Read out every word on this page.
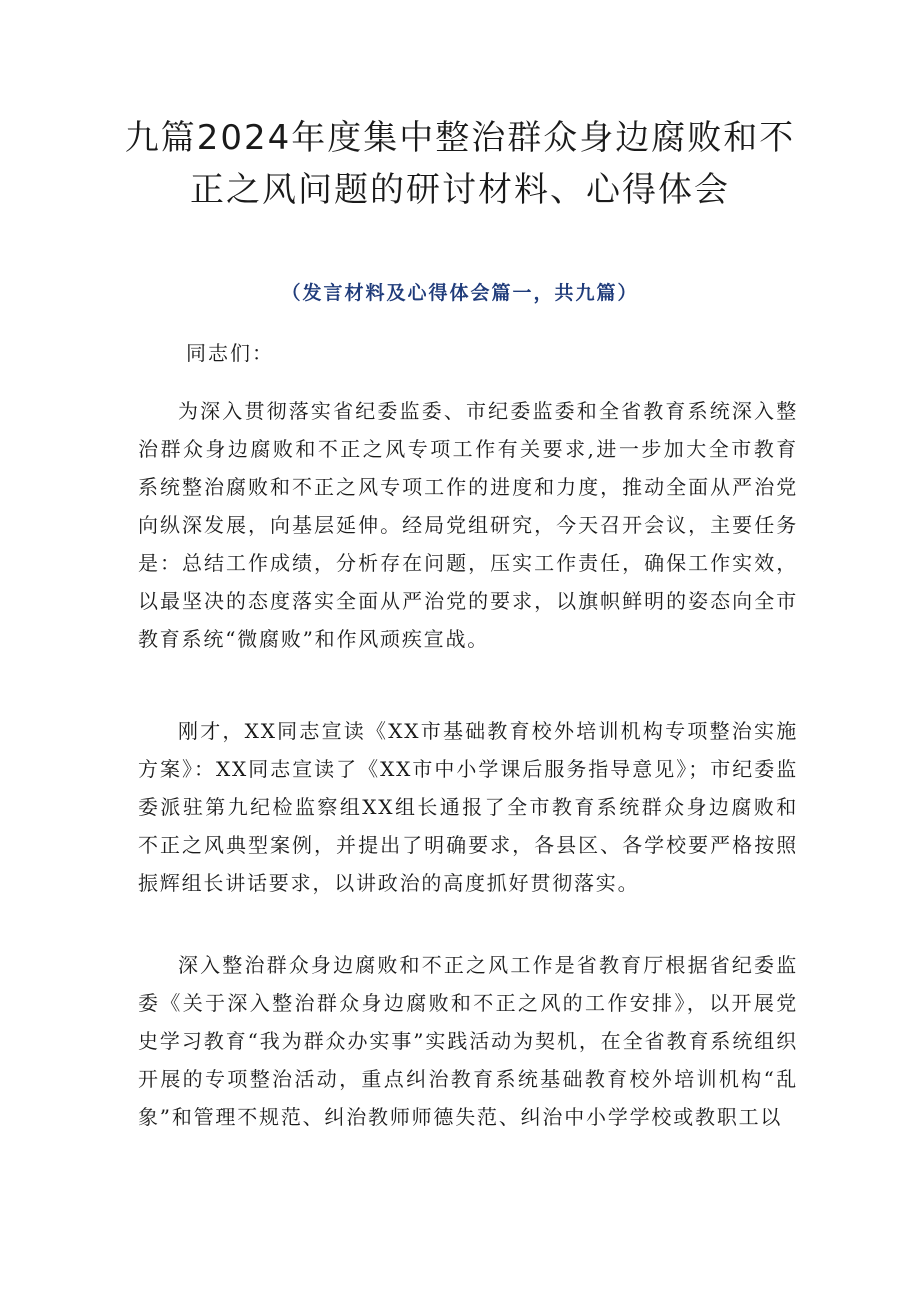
九篇2024年度集中整治群众身边腐败和不正之风问题的研讨材料、心得体会

（发言材料及心得体会篇一，共九篇）

同志们：

为深入贯彻落实省纪委监委、市纪委监委和全省教育系统深入整治群众身边腐败和不正之风专项工作有关要求,进一步加大全市教育系统整治腐败和不正之风专项工作的进度和力度，推动全面从严治党向纵深发展，向基层延伸。经局党组研究，今天召开会议，主要任务是：总结工作成绩，分析存在问题，压实工作责任，确保工作实效，以最坚决的态度落实全面从严治党的要求，以旗帜鲜明的姿态向全市教育系统“微腐败”和作风顽疾宣战。

刚才，XX同志宣读《XX市基础教育校外培训机构专项整治实施方案》：XX同志宣读了《XX市中小学课后服务指导意见》；市纪委监委派驻第九纪检监察组XX组长通报了全市教育系统群众身边腐败和不正之风典型案例，并提出了明确要求，各县区、各学校要严格按照振辉组长讲话要求，以讲政治的高度抓好贯彻落实。

深入整治群众身边腐败和不正之风工作是省教育厅根据省纪委监委《关于深入整治群众身边腐败和不正之风的工作安排》，以开展党史学习教育“我为群众办实事”实践活动为契机，在全省教育系统组织开展的专项整治活动，重点纠治教育系统基础教育校外培训机构“乱象”和管理不规范、纠治教师师德失范、纠治中小学学校或教职工以
